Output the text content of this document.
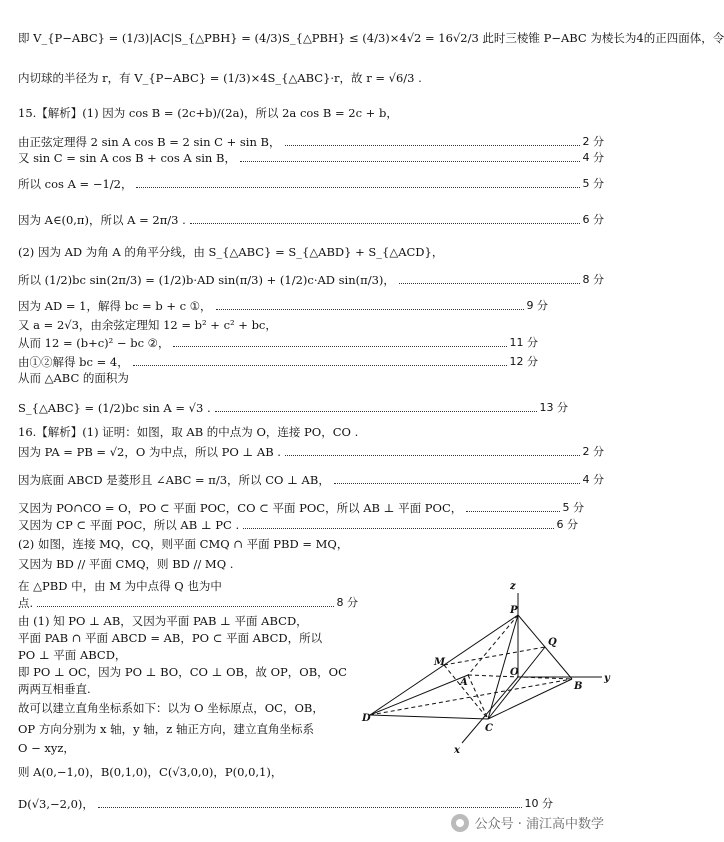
即 V_{P−ABC} = (1/3)|AC|S_{△PBH} = (4/3)S_{△PBH} ≤ (4/3)×4√2 = 16√2/3 此时三棱锥 P−ABC 为棱长为4的正四面体，令
内切球的半径为 r，有 V_{P−ABC} = (1/3)×4S_{△ABC}·r，故 r = √6/3 .
15.【解析】(1) 因为 cos B = (2c+b)/(2a)，所以 2a cos B = 2c + b，
由正弦定理得 2 sin A cos B = 2 sin C + sin B，	2 分
又 sin C = sin A cos B + cos A sin B，	4 分
所以 cos A = −1/2，	5 分
因为 A∈(0,π)，所以 A = 2π/3 .	6 分
(2) 因为 AD 为角 A 的角平分线，由 S_{△ABC} = S_{△ABD} + S_{△ACD}，
所以 (1/2)bc sin(2π/3) = (1/2)b·AD sin(π/3) + (1/2)c·AD sin(π/3)，	8 分
因为 AD = 1，解得 bc = b + c ①，	9 分
又 a = 2√3，由余弦定理知 12 = b² + c² + bc，
从而 12 = (b+c)² − bc ②，	11 分
由①②解得 bc = 4，	12 分
从而 △ABC 的面积为
S_{△ABC} = (1/2)bc sin A = √3 .	13 分
16.【解析】(1) 证明：如图，取 AB 的中点为 O，连接 PO，CO .
因为 PA = PB = √2，O 为中点，所以 PO ⊥ AB .	2 分
因为底面 ABCD 是菱形且 ∠ABC = π/3，所以 CO ⊥ AB，	4 分
又因为 PO∩CO = O，PO ⊂ 平面 POC，CO ⊂ 平面 POC，所以 AB ⊥ 平面 POC，	5 分
又因为 CP ⊂ 平面 POC，所以 AB ⊥ PC .	6 分
(2) 如图，连接 MQ，CQ，则平面 CMQ ∩ 平面 PBD = MQ，
又因为 BD // 平面 CMQ，则 BD // MQ .
在 △PBD 中，由 M 为中点得 Q 也为中
点.	8 分
由 (1) 知 PO ⊥ AB，又因为平面 PAB ⊥ 平面 ABCD，
平面 PAB ∩ 平面 ABCD = AB，PO ⊂ 平面 ABCD，所以
PO ⊥ 平面 ABCD，
即 PO ⊥ OC，因为 PO ⊥ BO，CO ⊥ OB，故 OP，OB，OC
两两互相垂直.
故可以建立直角坐标系如下：以为 O 坐标原点，OC，OB，
OP 方向分别为 x 轴，y 轴，z 轴正方向，建立直角坐标系
O − xyz，
则 A(0,−1,0)，B(0,1,0)，C(√3,0,0)，P(0,0,1)，
D(√3,−2,0)，	10 分
z
y
x
P
Q
M
A
O
B
C
D
公众号 · 浦江高中数学
